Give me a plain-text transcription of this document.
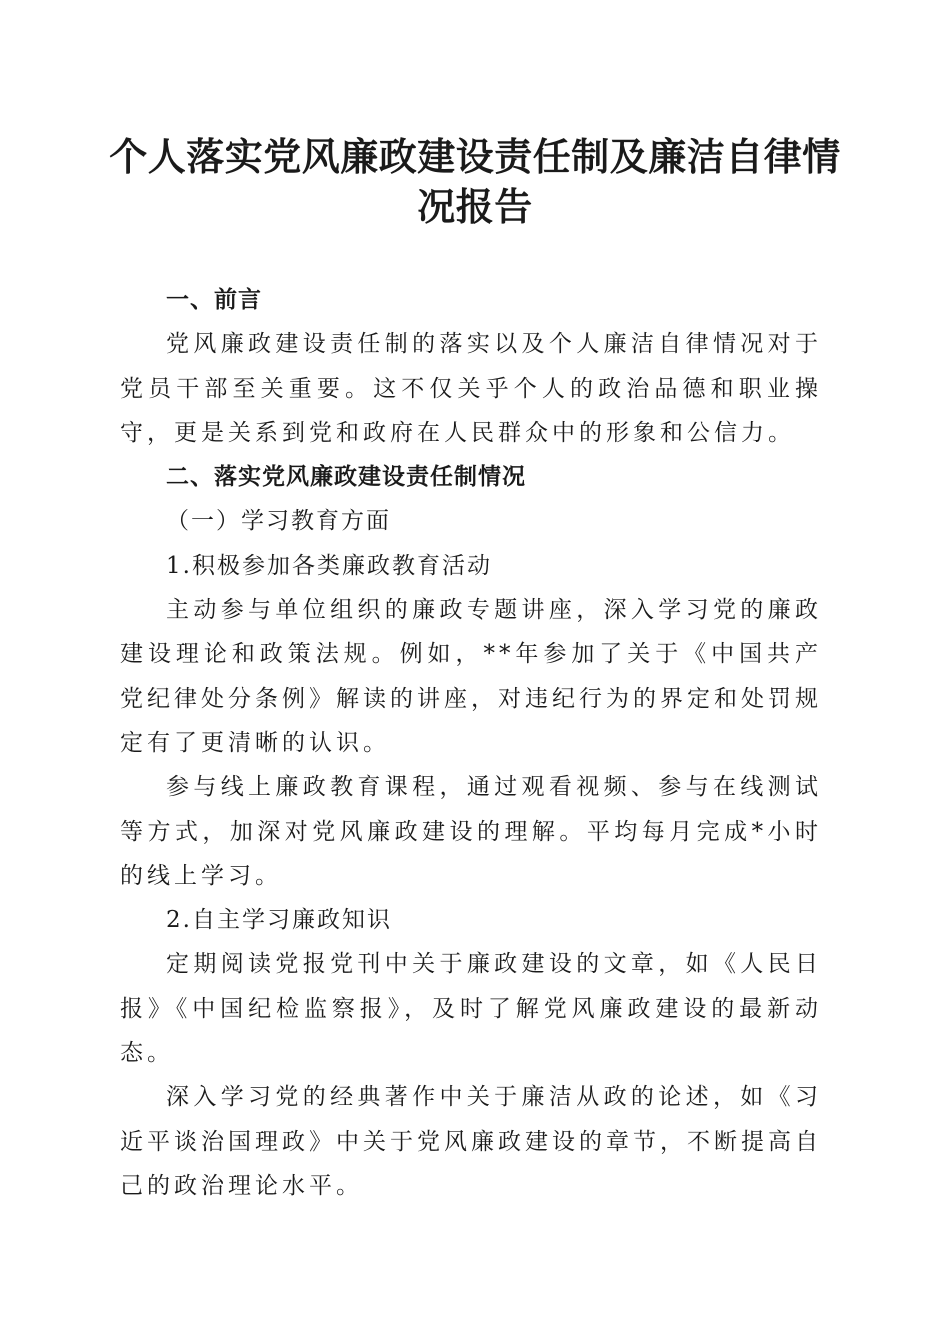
个人落实党风廉政建设责任制及廉洁自律情况报告

一、前言

党风廉政建设责任制的落实以及个人廉洁自律情况对于党员干部至关重要。这不仅关乎个人的政治品德和职业操守，更是关系到党和政府在人民群众中的形象和公信力。

二、落实党风廉政建设责任制情况

（一）学习教育方面

1.积极参加各类廉政教育活动

主动参与单位组织的廉政专题讲座，深入学习党的廉政建设理论和政策法规。例如，**年参加了关于《中国共产党纪律处分条例》解读的讲座，对违纪行为的界定和处罚规定有了更清晰的认识。

参与线上廉政教育课程，通过观看视频、参与在线测试等方式，加深对党风廉政建设的理解。平均每月完成*小时的线上学习。

2.自主学习廉政知识

定期阅读党报党刊中关于廉政建设的文章，如《人民日报》《中国纪检监察报》，及时了解党风廉政建设的最新动态。

深入学习党的经典著作中关于廉洁从政的论述，如《习近平谈治国理政》中关于党风廉政建设的章节，不断提高自己的政治理论水平。
